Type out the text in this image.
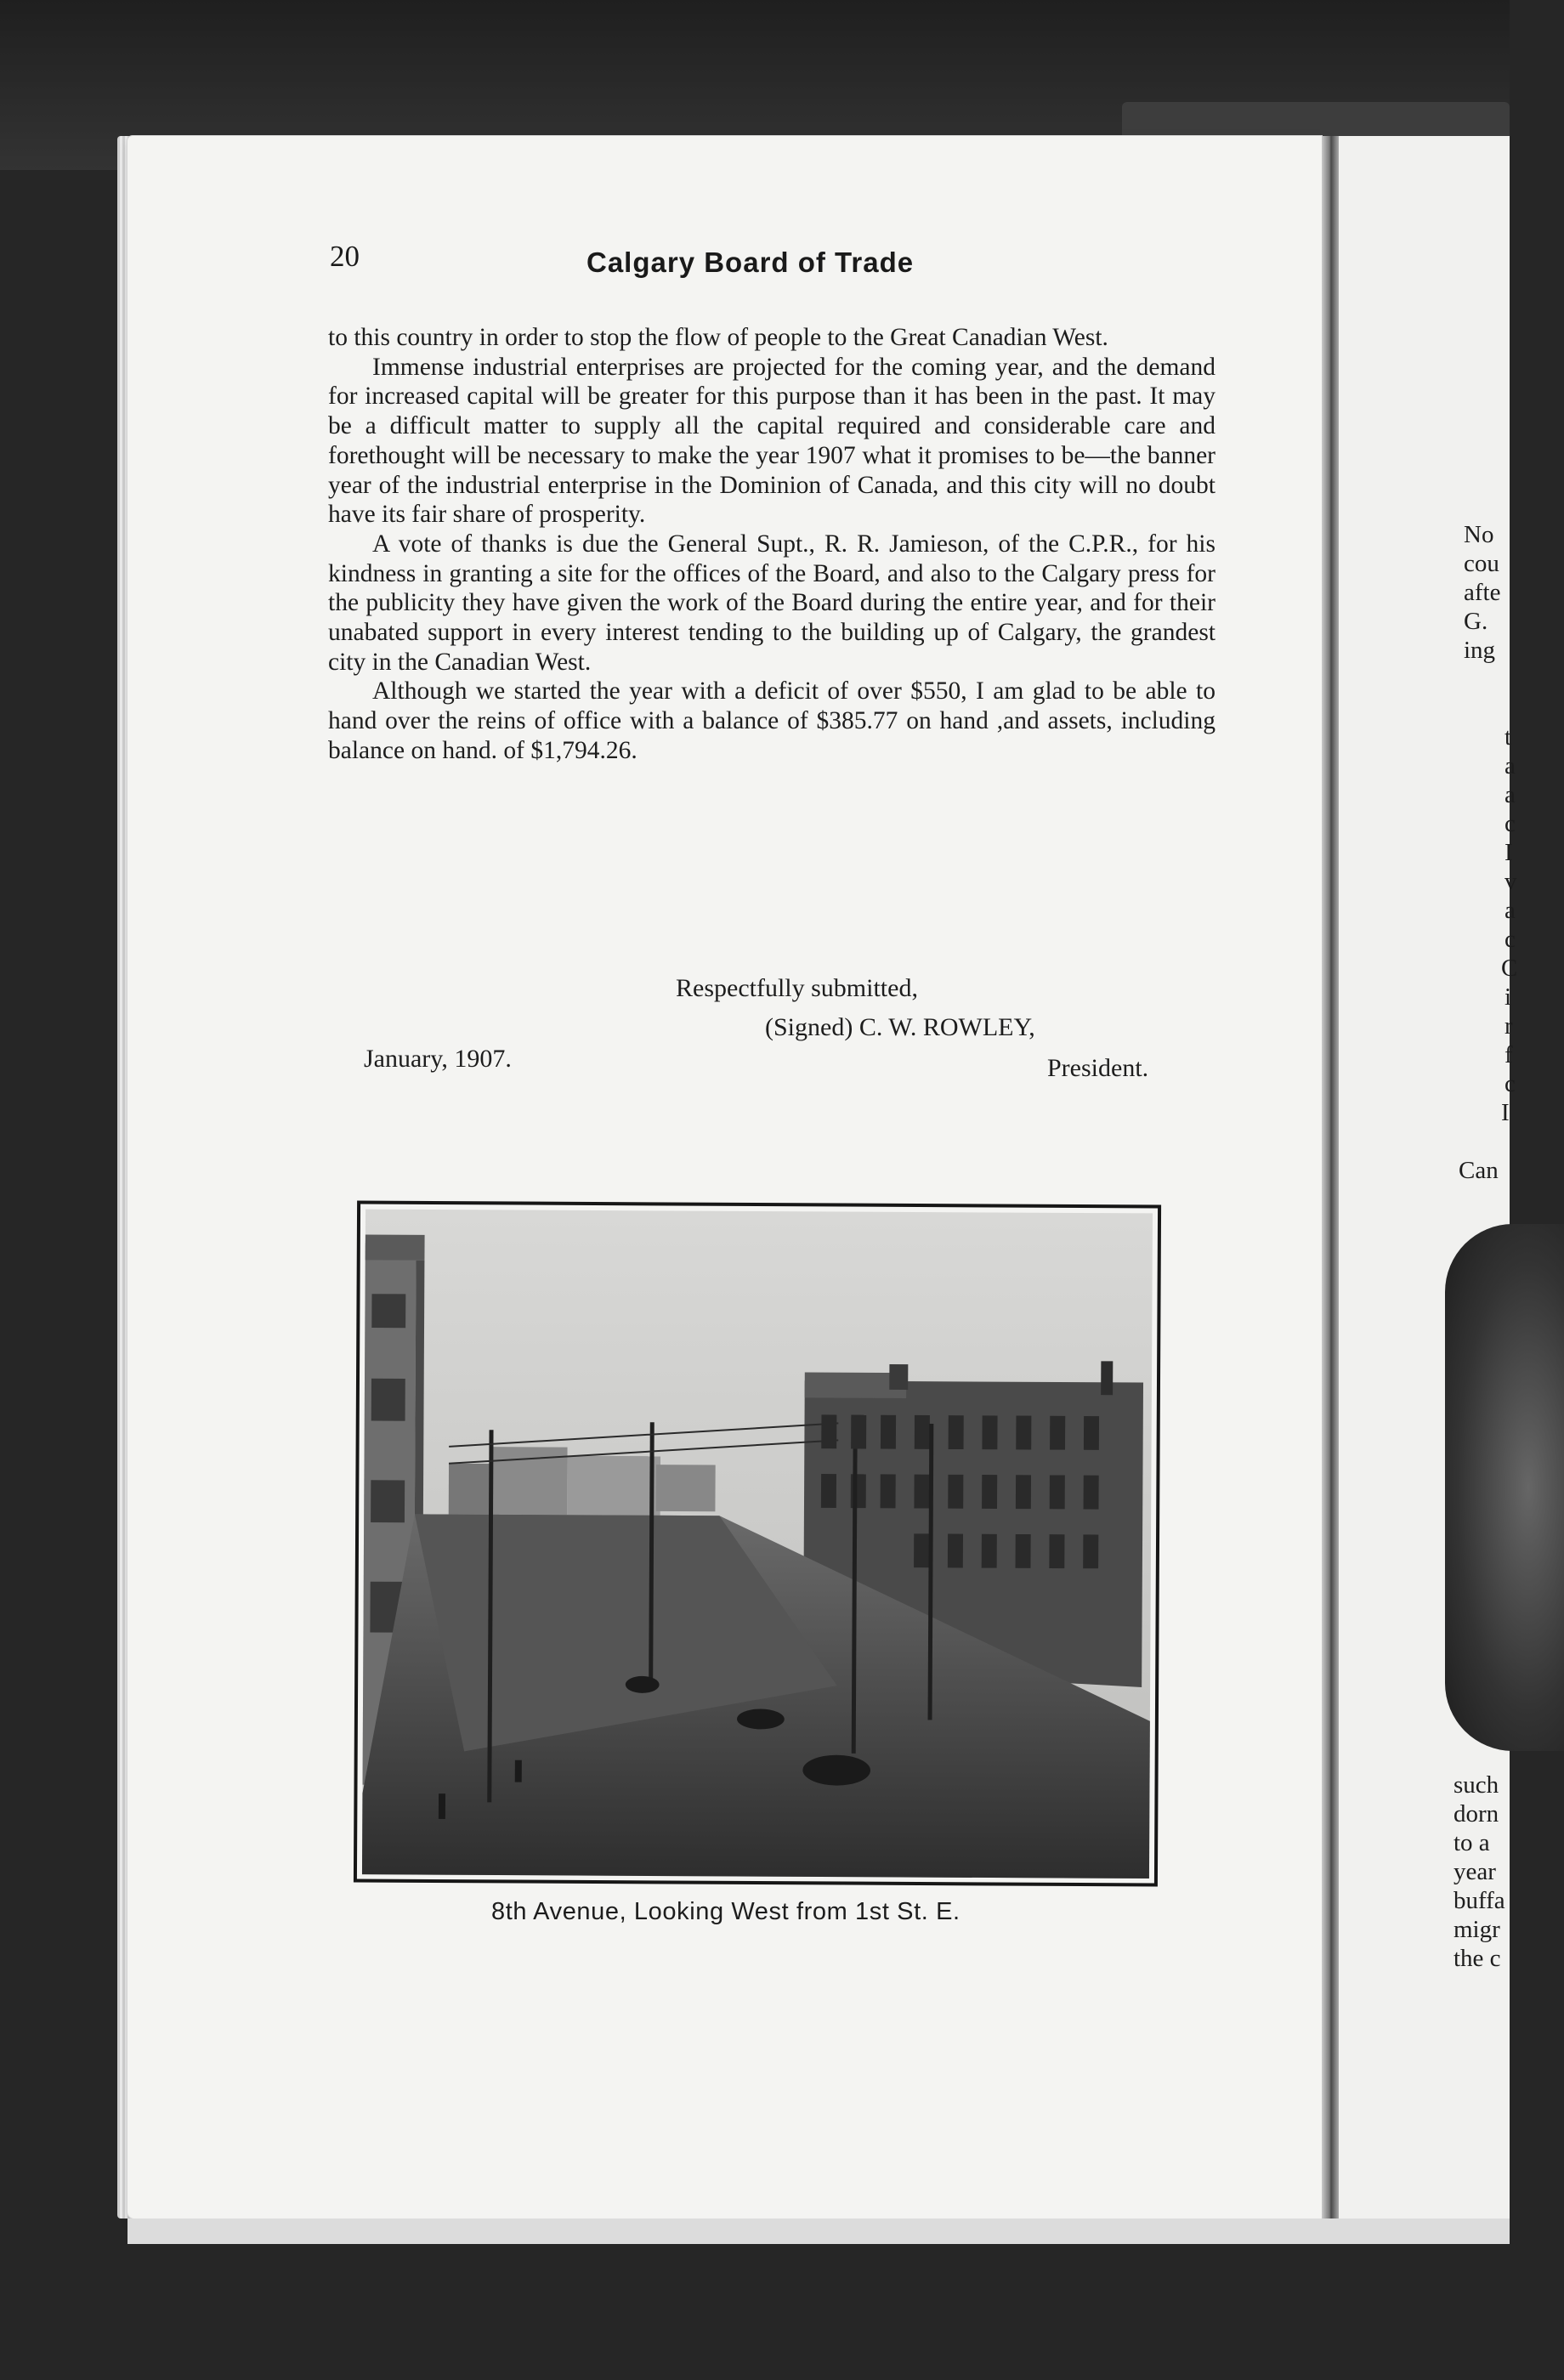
20	Calgary Board of Trade

to this country in order to stop the flow of people to the Great Canadian West.

Immense industrial enterprises are projected for the coming year, and the demand for increased capital will be greater for this purpose than it has been in the past. It may be a difficult matter to supply all the capital required and considerable care and forethought will be necessary to make the year 1907 what it promises to be—the banner year of the industrial enterprise in the Dominion of Canada, and this city will no doubt have its fair share of prosperity.

A vote of thanks is due the General Supt., R. R. Jamieson, of the C.P.R., for his kindness in granting a site for the offices of the Board, and also to the Calgary press for the publicity they have given the work of the Board during the entire year, and for their unabated support in every interest tending to the building up of Calgary, the grandest city in the Canadian West.

Although we started the year with a deficit of over $550, I am glad to be able to hand over the reins of office with a balance of $385.77 on hand ,and assets, including balance on hand. of $1,794.26.

Respectfully submitted,
(Signed) C. W. ROWLEY,
January, 1907.	President.
8th Avenue, Looking West from 1st St. E.
No
cou
afte
G.
ing
t
a
a
c
I
v
a
c
C
i
r
f
c
I
Can
such
dorn
to a
year
buffa
migr
the c
